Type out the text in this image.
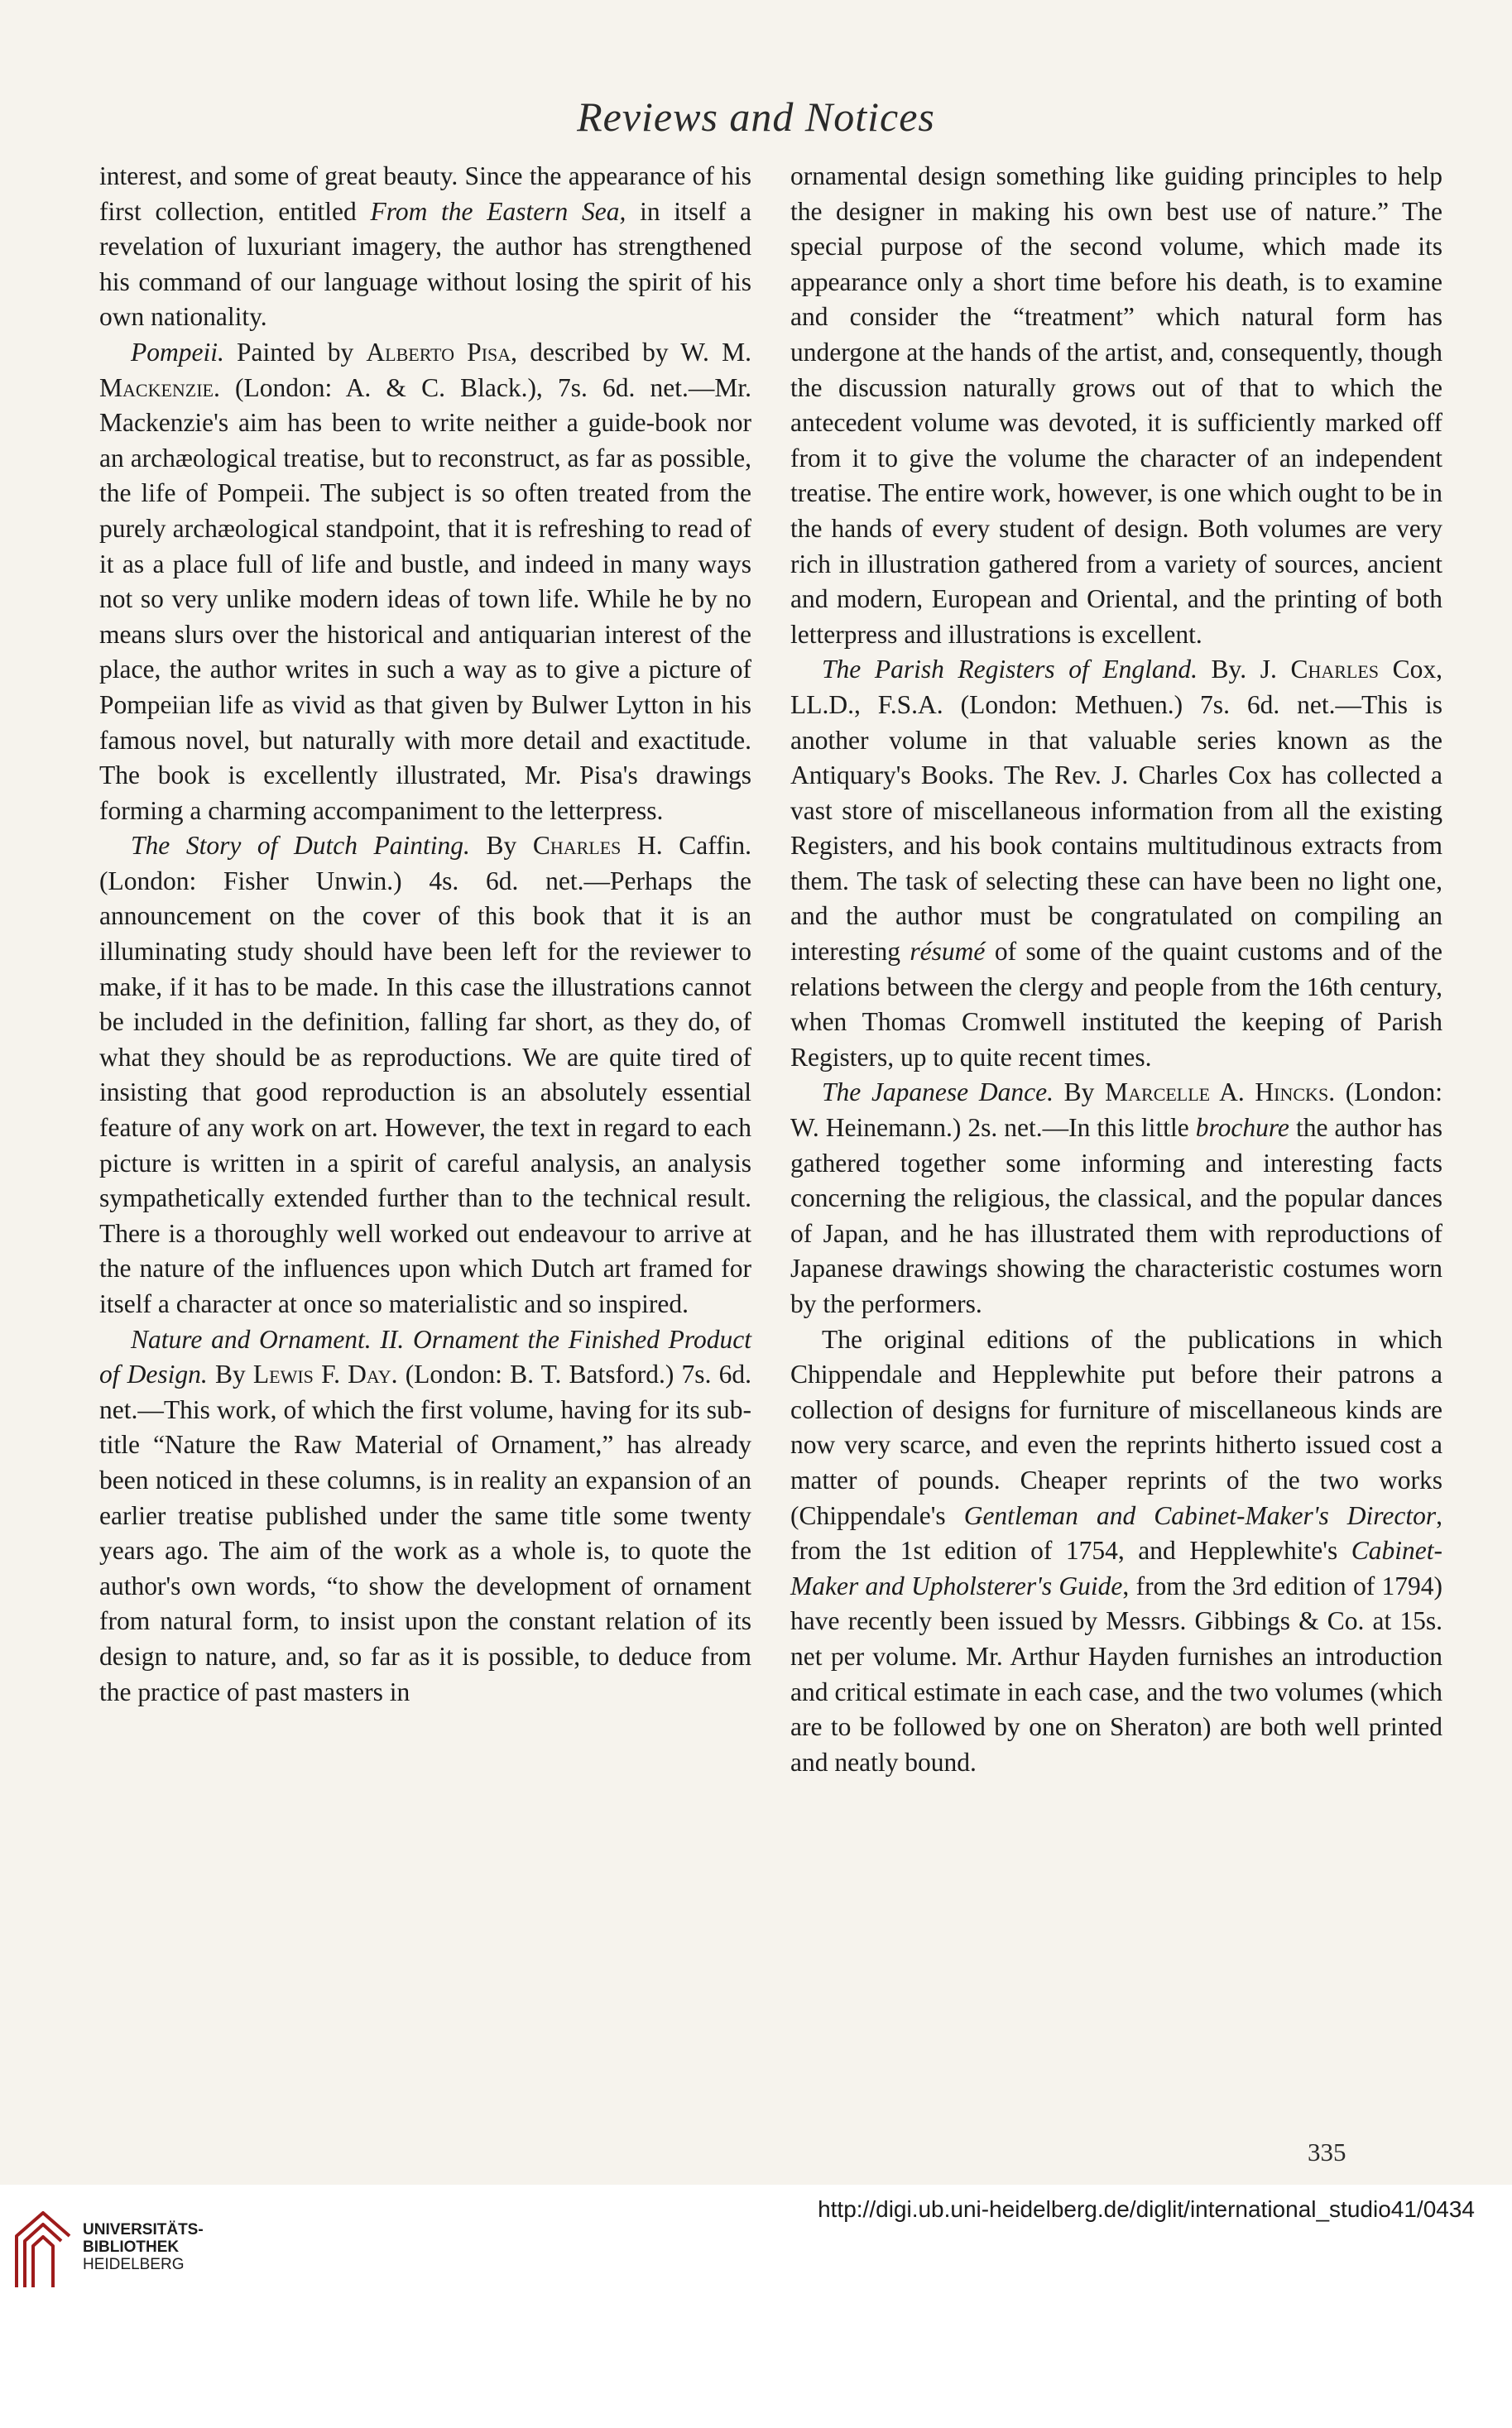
Reviews and Notices

interest, and some of great beauty. Since the appearance of his first collection, entitled From the Eastern Sea, in itself a revelation of luxuriant imagery, the author has strengthened his command of our language without losing the spirit of his own nationality.

Pompeii. Painted by Alberto Pisa, described by W. M. Mackenzie. (London: A. & C. Black.), 7s. 6d. net.—Mr. Mackenzie's aim has been to write neither a guide-book nor an archæological treatise, but to reconstruct, as far as possible, the life of Pompeii. The subject is so often treated from the purely archæological standpoint, that it is refreshing to read of it as a place full of life and bustle, and indeed in many ways not so very unlike modern ideas of town life. While he by no means slurs over the historical and antiquarian interest of the place, the author writes in such a way as to give a picture of Pompeiian life as vivid as that given by Bulwer Lytton in his famous novel, but naturally with more detail and exactitude. The book is excellently illustrated, Mr. Pisa's drawings forming a charming accompaniment to the letterpress.

The Story of Dutch Painting. By Charles H. Caffin. (London: Fisher Unwin.) 4s. 6d. net.—Perhaps the announcement on the cover of this book that it is an illuminating study should have been left for the reviewer to make, if it has to be made. In this case the illustrations cannot be included in the definition, falling far short, as they do, of what they should be as reproductions. We are quite tired of insisting that good reproduction is an absolutely essential feature of any work on art. However, the text in regard to each picture is written in a spirit of careful analysis, an analysis sympathetically extended further than to the technical result. There is a thoroughly well worked out endeavour to arrive at the nature of the influences upon which Dutch art framed for itself a character at once so materialistic and so inspired.

Nature and Ornament. II. Ornament the Finished Product of Design. By Lewis F. Day. (London: B. T. Batsford.) 7s. 6d. net.—This work, of which the first volume, having for its sub-title “Nature the Raw Material of Ornament,” has already been noticed in these columns, is in reality an expansion of an earlier treatise published under the same title some twenty years ago. The aim of the work as a whole is, to quote the author's own words, “to show the development of ornament from natural form, to insist upon the constant relation of its design to nature, and, so far as it is possible, to deduce from the practice of past masters in

ornamental design something like guiding principles to help the designer in making his own best use of nature.” The special purpose of the second volume, which made its appearance only a short time before his death, is to examine and consider the “treatment” which natural form has undergone at the hands of the artist, and, consequently, though the discussion naturally grows out of that to which the antecedent volume was devoted, it is sufficiently marked off from it to give the volume the character of an independent treatise. The entire work, however, is one which ought to be in the hands of every student of design. Both volumes are very rich in illustration gathered from a variety of sources, ancient and modern, European and Oriental, and the printing of both letterpress and illustrations is excellent.

The Parish Registers of England. By. J. Charles Cox, LL.D., F.S.A. (London: Methuen.) 7s. 6d. net.—This is another volume in that valuable series known as the Antiquary's Books. The Rev. J. Charles Cox has collected a vast store of miscellaneous information from all the existing Registers, and his book contains multitudinous extracts from them. The task of selecting these can have been no light one, and the author must be congratulated on compiling an interesting résumé of some of the quaint customs and of the relations between the clergy and people from the 16th century, when Thomas Cromwell instituted the keeping of Parish Registers, up to quite recent times.

The Japanese Dance. By Marcelle A. Hincks. (London: W. Heinemann.) 2s. net.—In this little brochure the author has gathered together some informing and interesting facts concerning the religious, the classical, and the popular dances of Japan, and he has illustrated them with reproductions of Japanese drawings showing the characteristic costumes worn by the performers.

The original editions of the publications in which Chippendale and Hepplewhite put before their patrons a collection of designs for furniture of miscellaneous kinds are now very scarce, and even the reprints hitherto issued cost a matter of pounds. Cheaper reprints of the two works (Chippendale's Gentleman and Cabinet-Maker's Director, from the 1st edition of 1754, and Hepplewhite's Cabinet-Maker and Upholsterer's Guide, from the 3rd edition of 1794) have recently been issued by Messrs. Gibbings & Co. at 15s. net per volume. Mr. Arthur Hayden furnishes an introduction and critical estimate in each case, and the two volumes (which are to be followed by one on Sheraton) are both well printed and neatly bound.

335
UNIVERSITÄTS-
BIBLIOTHEK
HEIDELBERG
http://digi.ub.uni-heidelberg.de/diglit/international_studio41/0434
